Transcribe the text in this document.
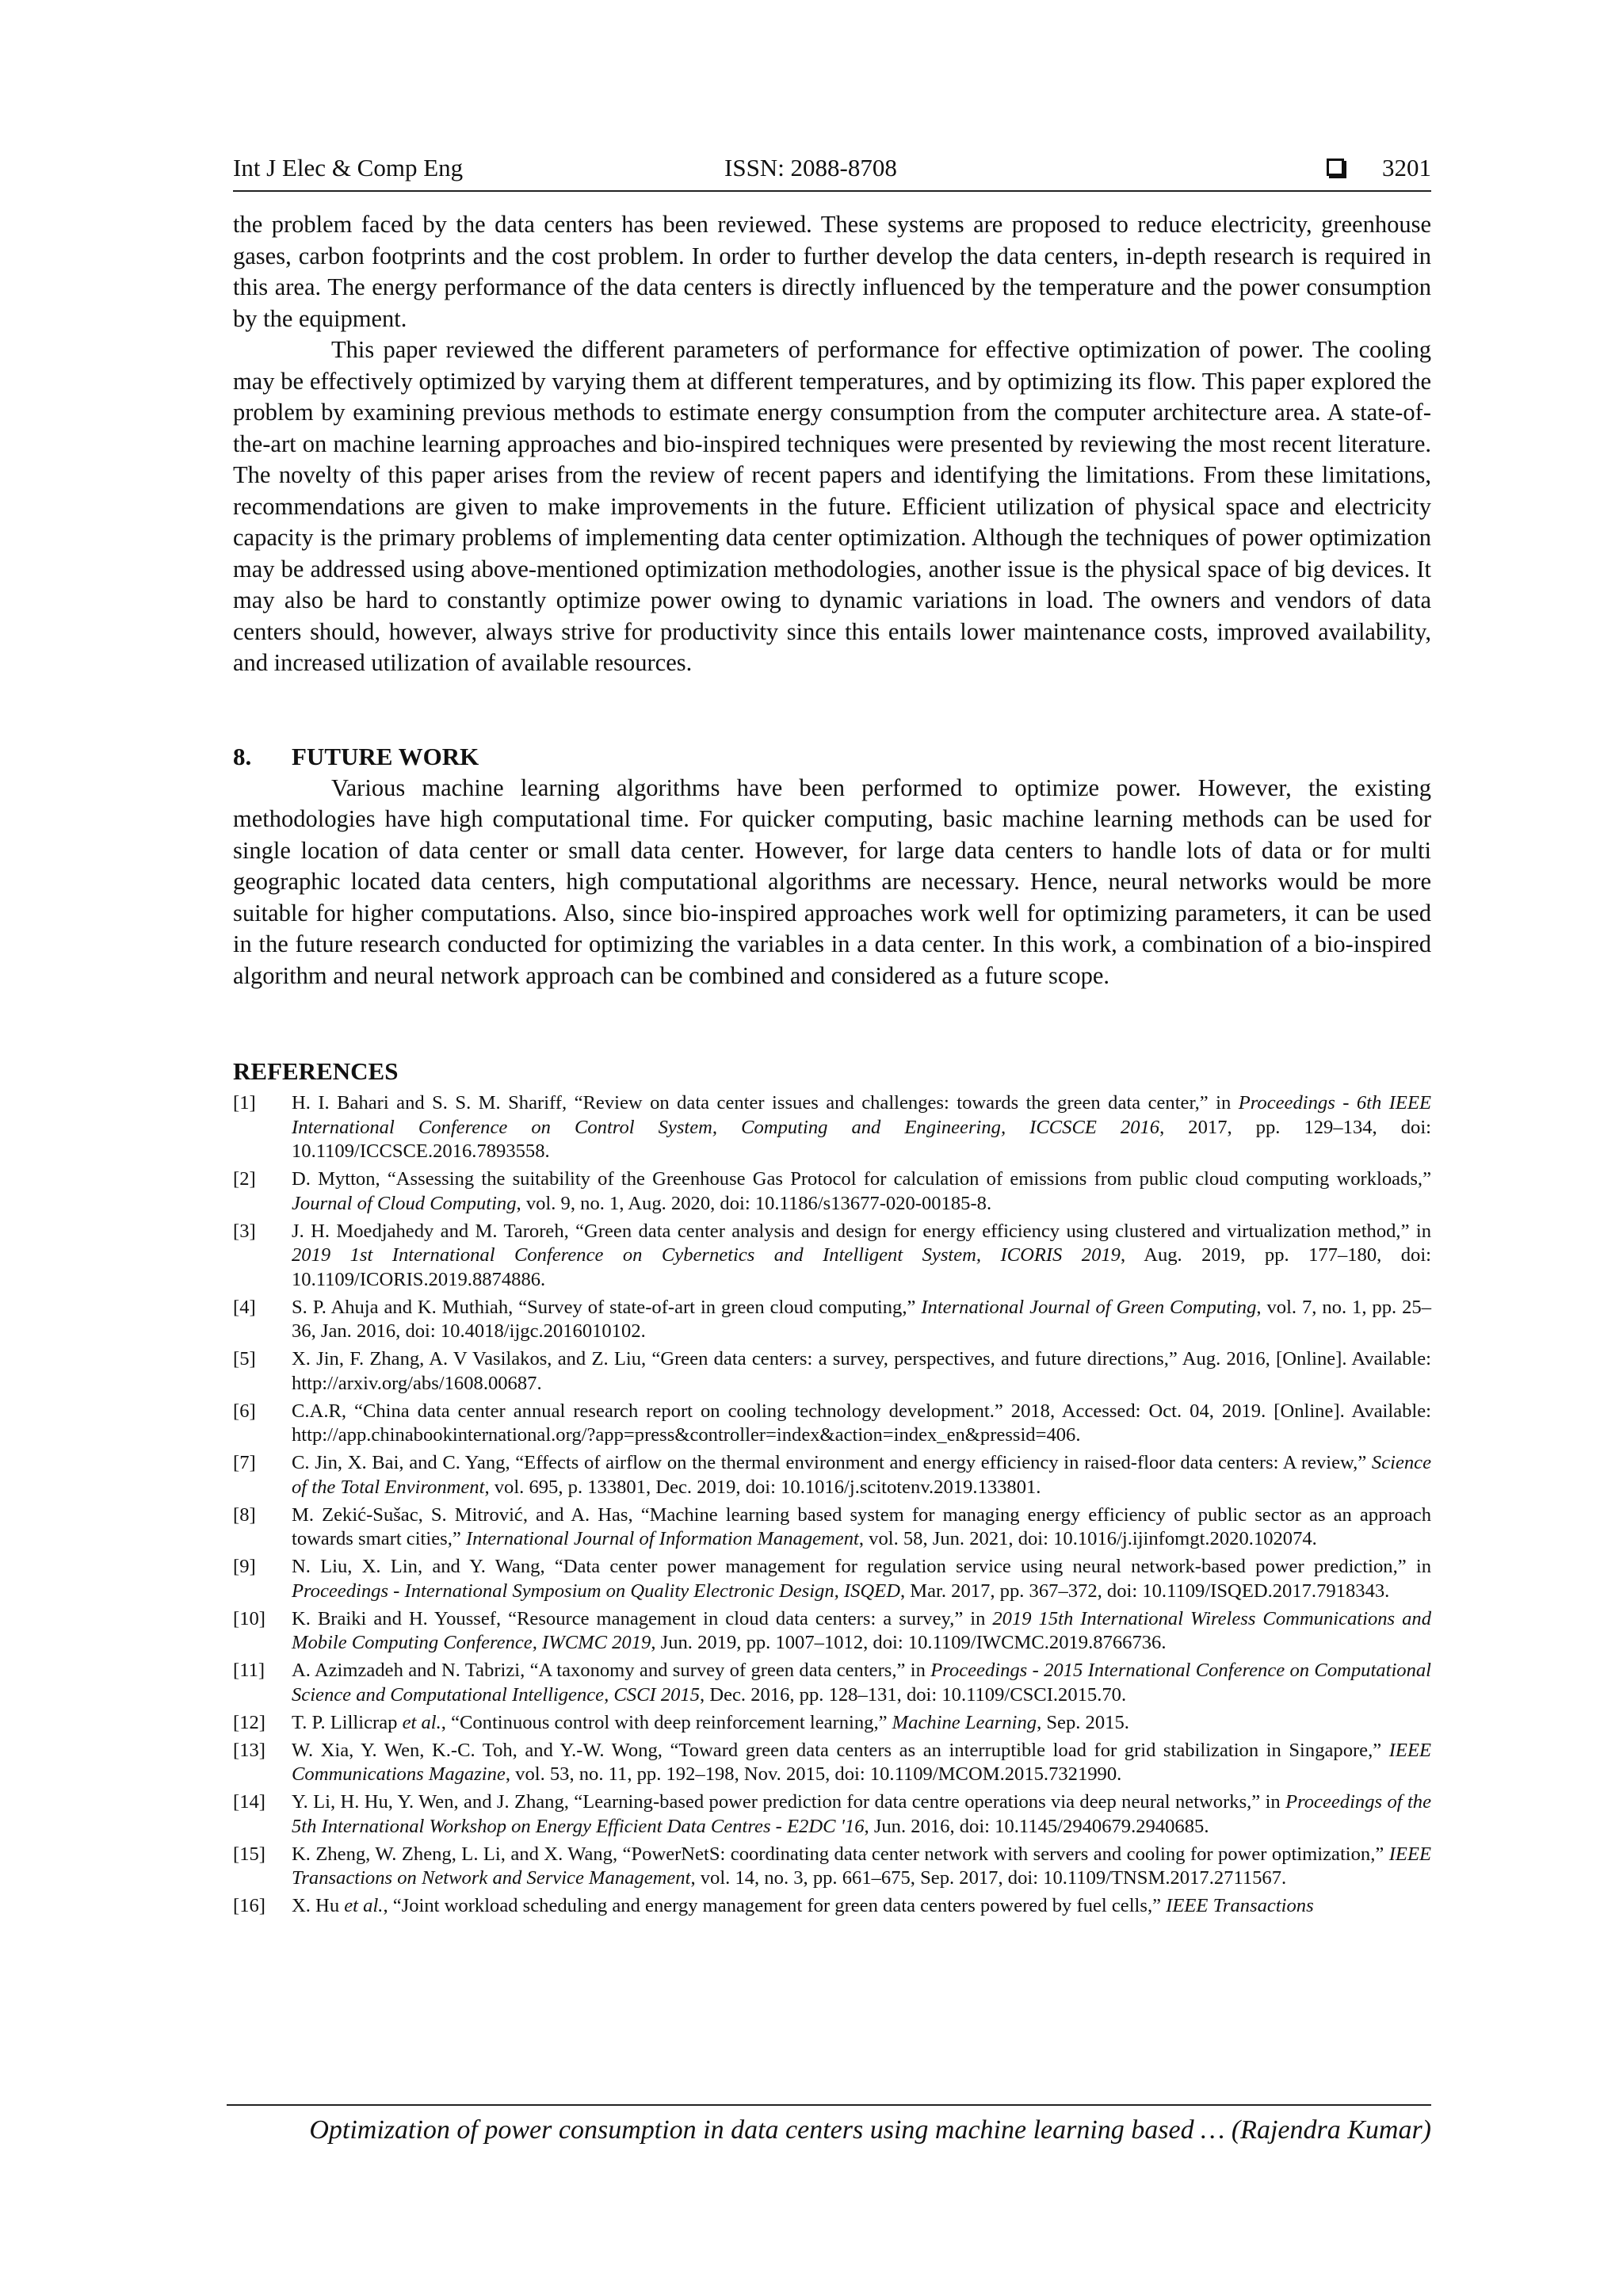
Int J Elec & Comp Eng	ISSN: 2088-8708	3201

the problem faced by the data centers has been reviewed. These systems are proposed to reduce electricity, greenhouse gases, carbon footprints and the cost problem. In order to further develop the data centers, in-depth research is required in this area. The energy performance of the data centers is directly influenced by the temperature and the power consumption by the equipment.

This paper reviewed the different parameters of performance for effective optimization of power. The cooling may be effectively optimized by varying them at different temperatures, and by optimizing its flow. This paper explored the problem by examining previous methods to estimate energy consumption from the computer architecture area. A state-of-the-art on machine learning approaches and bio-inspired techniques were presented by reviewing the most recent literature. The novelty of this paper arises from the review of recent papers and identifying the limitations. From these limitations, recommendations are given to make improvements in the future. Efficient utilization of physical space and electricity capacity is the primary problems of implementing data center optimization. Although the techniques of power optimization may be addressed using above-mentioned optimization methodologies, another issue is the physical space of big devices. It may also be hard to constantly optimize power owing to dynamic variations in load. The owners and vendors of data centers should, however, always strive for productivity since this entails lower maintenance costs, improved availability, and increased utilization of available resources.

8. FUTURE WORK

Various machine learning algorithms have been performed to optimize power. However, the existing methodologies have high computational time. For quicker computing, basic machine learning methods can be used for single location of data center or small data center. However, for large data centers to handle lots of data or for multi geographic located data centers, high computational algorithms are necessary. Hence, neural networks would be more suitable for higher computations. Also, since bio-inspired approaches work well for optimizing parameters, it can be used in the future research conducted for optimizing the variables in a data center. In this work, a combination of a bio-inspired algorithm and neural network approach can be combined and considered as a future scope.

REFERENCES
[1]	H. I. Bahari and S. S. M. Shariff, “Review on data center issues and challenges: towards the green data center,” in Proceedings - 6th IEEE International Conference on Control System, Computing and Engineering, ICCSCE 2016, 2017, pp. 129–134, doi: 10.1109/ICCSCE.2016.7893558.
[2]	D. Mytton, “Assessing the suitability of the Greenhouse Gas Protocol for calculation of emissions from public cloud computing workloads,” Journal of Cloud Computing, vol. 9, no. 1, Aug. 2020, doi: 10.1186/s13677-020-00185-8.
[3]	J. H. Moedjahedy and M. Taroreh, “Green data center analysis and design for energy efficiency using clustered and virtualization method,” in 2019 1st International Conference on Cybernetics and Intelligent System, ICORIS 2019, Aug. 2019, pp. 177–180, doi: 10.1109/ICORIS.2019.8874886.
[4]	S. P. Ahuja and K. Muthiah, “Survey of state-of-art in green cloud computing,” International Journal of Green Computing, vol. 7, no. 1, pp. 25–36, Jan. 2016, doi: 10.4018/ijgc.2016010102.
[5]	X. Jin, F. Zhang, A. V Vasilakos, and Z. Liu, “Green data centers: a survey, perspectives, and future directions,” Aug. 2016, [Online]. Available: http://arxiv.org/abs/1608.00687.
[6]	C.A.R, “China data center annual research report on cooling technology development.” 2018, Accessed: Oct. 04, 2019. [Online]. Available: http://app.chinabookinternational.org/?app=press&controller=index&action=index_en&pressid=406.
[7]	C. Jin, X. Bai, and C. Yang, “Effects of airflow on the thermal environment and energy efficiency in raised-floor data centers: A review,” Science of the Total Environment, vol. 695, p. 133801, Dec. 2019, doi: 10.1016/j.scitotenv.2019.133801.
[8]	M. Zekić-Sušac, S. Mitrović, and A. Has, “Machine learning based system for managing energy efficiency of public sector as an approach towards smart cities,” International Journal of Information Management, vol. 58, Jun. 2021, doi: 10.1016/j.ijinfomgt.2020.102074.
[9]	N. Liu, X. Lin, and Y. Wang, “Data center power management for regulation service using neural network-based power prediction,” in Proceedings - International Symposium on Quality Electronic Design, ISQED, Mar. 2017, pp. 367–372, doi: 10.1109/ISQED.2017.7918343.
[10]	K. Braiki and H. Youssef, “Resource management in cloud data centers: a survey,” in 2019 15th International Wireless Communications and Mobile Computing Conference, IWCMC 2019, Jun. 2019, pp. 1007–1012, doi: 10.1109/IWCMC.2019.8766736.
[11]	A. Azimzadeh and N. Tabrizi, “A taxonomy and survey of green data centers,” in Proceedings - 2015 International Conference on Computational Science and Computational Intelligence, CSCI 2015, Dec. 2016, pp. 128–131, doi: 10.1109/CSCI.2015.70.
[12]	T. P. Lillicrap et al., “Continuous control with deep reinforcement learning,” Machine Learning, Sep. 2015.
[13]	W. Xia, Y. Wen, K.-C. Toh, and Y.-W. Wong, “Toward green data centers as an interruptible load for grid stabilization in Singapore,” IEEE Communications Magazine, vol. 53, no. 11, pp. 192–198, Nov. 2015, doi: 10.1109/MCOM.2015.7321990.
[14]	Y. Li, H. Hu, Y. Wen, and J. Zhang, “Learning-based power prediction for data centre operations via deep neural networks,” in Proceedings of the 5th International Workshop on Energy Efficient Data Centres - E2DC '16, Jun. 2016, doi: 10.1145/2940679.2940685.
[15]	K. Zheng, W. Zheng, L. Li, and X. Wang, “PowerNetS: coordinating data center network with servers and cooling for power optimization,” IEEE Transactions on Network and Service Management, vol. 14, no. 3, pp. 661–675, Sep. 2017, doi: 10.1109/TNSM.2017.2711567.
[16]	X. Hu et al., “Joint workload scheduling and energy management for green data centers powered by fuel cells,” IEEE Transactions
Optimization of power consumption in data centers using machine learning based … (Rajendra Kumar)
